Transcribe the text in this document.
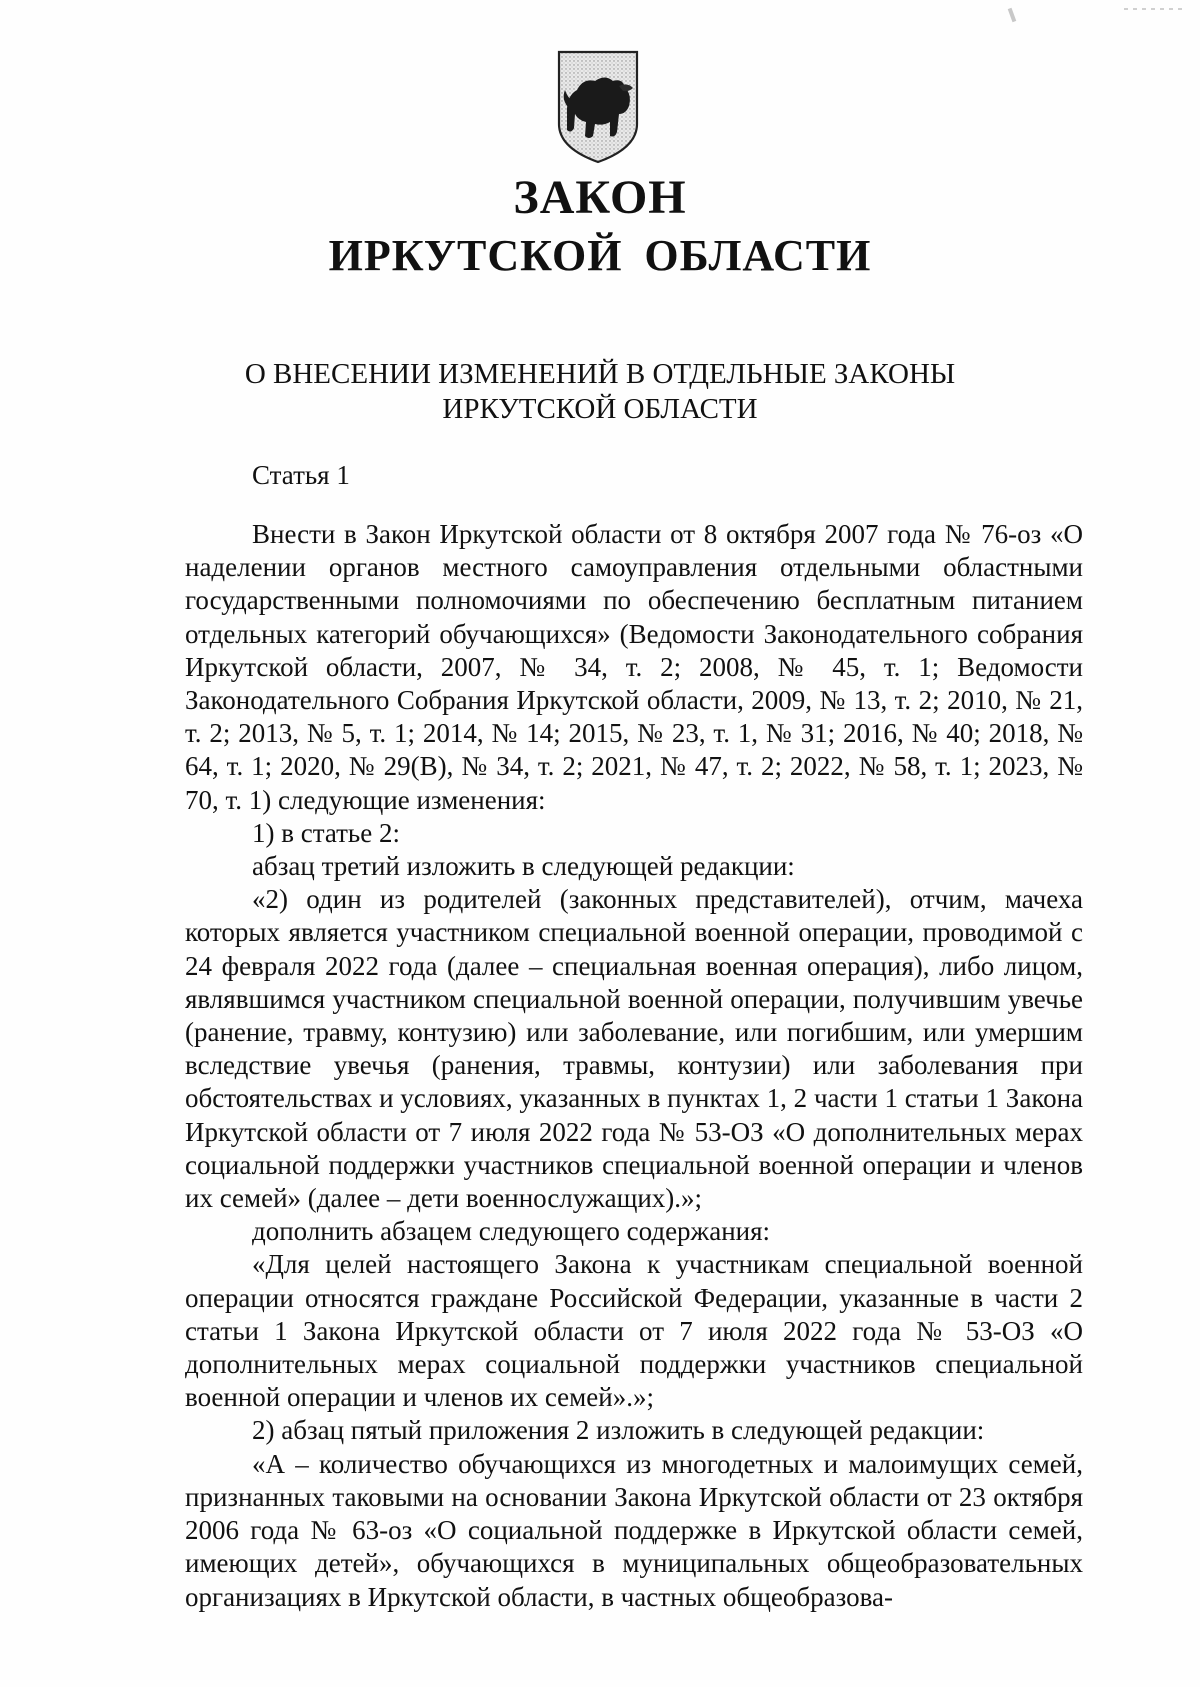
ЗАКОН
ИРКУТСКОЙ ОБЛАСТИ
О ВНЕСЕНИИ ИЗМЕНЕНИЙ В ОТДЕЛЬНЫЕ ЗАКОНЫ
ИРКУТСКОЙ ОБЛАСТИ
Статья 1

Внести в Закон Иркутской области от 8 октября 2007 года № 76-оз «О наделении органов местного самоуправления отдельными областными государственными полномочиями по обеспечению бесплатным питанием отдельных категорий обучающихся» (Ведомости Законодательного собрания Иркутской области, 2007, № 34, т. 2; 2008, № 45, т. 1; Ведомости Законодательного Собрания Иркутской области, 2009, № 13, т. 2; 2010, № 21, т. 2; 2013, № 5, т. 1; 2014, № 14; 2015, № 23, т. 1, № 31; 2016, № 40; 2018, № 64, т. 1; 2020, № 29(В), № 34, т. 2; 2021, № 47, т. 2; 2022, № 58, т. 1; 2023, № 70, т. 1) следующие изменения:

1) в статье 2:

абзац третий изложить в следующей редакции:

«2) один из родителей (законных представителей), отчим, мачеха которых является участником специальной военной операции, проводимой с 24 февраля 2022 года (далее – специальная военная операция), либо лицом, являвшимся участником специальной военной операции, получившим увечье (ранение, травму, контузию) или заболевание, или погибшим, или умершим вследствие увечья (ранения, травмы, контузии) или заболевания при обстоятельствах и условиях, указанных в пунктах 1, 2 части 1 статьи 1 Закона Иркутской области от 7 июля 2022 года № 53-ОЗ «О дополнительных мерах социальной поддержки участников специальной военной операции и членов их семей» (далее – дети военнослужащих).»;

дополнить абзацем следующего содержания:

«Для целей настоящего Закона к участникам специальной военной операции относятся граждане Российской Федерации, указанные в части 2 статьи 1 Закона Иркутской области от 7 июля 2022 года № 53-ОЗ «О дополнительных мерах социальной поддержки участников специальной военной операции и членов их семей».»;

2) абзац пятый приложения 2 изложить в следующей редакции:

«А – количество обучающихся из многодетных и малоимущих семей, признанных таковыми на основании Закона Иркутской области от 23 октября 2006 года № 63-оз «О социальной поддержке в Иркутской области семей, имеющих детей», обучающихся в муниципальных общеобразовательных организациях в Иркутской области, в частных общеобразова-
